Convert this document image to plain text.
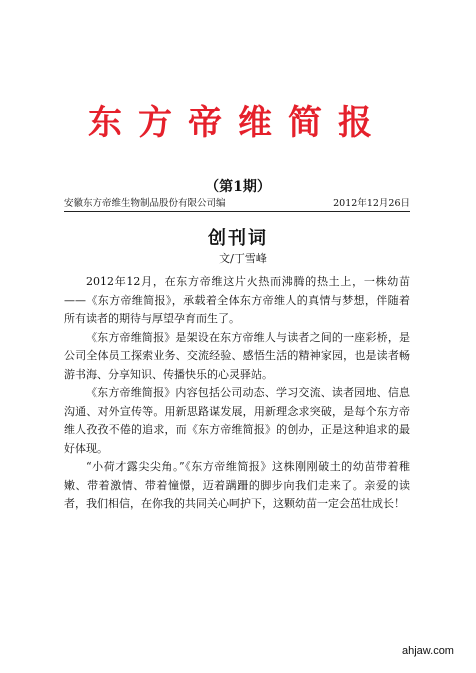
东方帝维简报
（第1期）
安徽东方帝维生物制品股份有限公司编	2012年12月26日
创刊词
文/丁雪峰

2012年12月，在东方帝维这片火热而沸腾的热土上，一株幼苗——《东方帝维简报》，承载着全体东方帝维人的真情与梦想，伴随着所有读者的期待与厚望孕育而生了。

《东方帝维简报》是架设在东方帝维人与读者之间的一座彩桥，是公司全体员工探索业务、交流经验、感悟生活的精神家园，也是读者畅游书海、分享知识、传播快乐的心灵驿站。

《东方帝维简报》内容包括公司动态、学习交流、读者园地、信息沟通、对外宣传等。用新思路谋发展，用新理念求突破，是每个东方帝维人孜孜不倦的追求，而《东方帝维简报》的创办，正是这种追求的最好体现。

“小荷才露尖尖角。”《东方帝维简报》这株刚刚破土的幼苗带着稚嫩、带着激情、带着憧憬，迈着蹒跚的脚步向我们走来了。亲爱的读者，我们相信，在你我的共同关心呵护下，这颗幼苗一定会茁壮成长！

ahjaw.com
